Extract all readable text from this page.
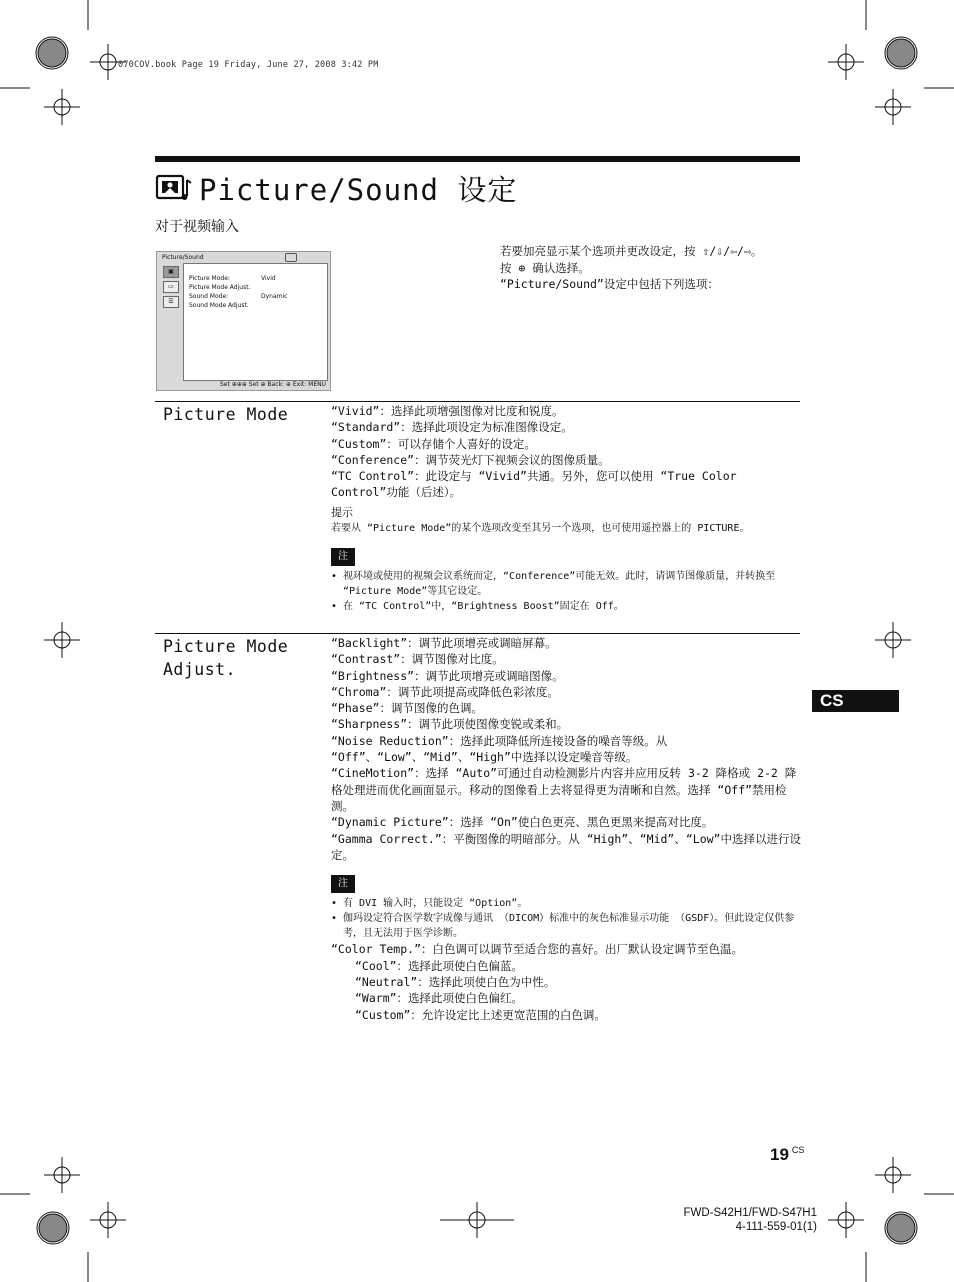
070COV.book Page 19 Friday, June 27, 2008 3:42 PM
Picture/Sound 设定
对于视频输入
Picture/Sound
▣
▭
☰
Picture Mode:	Vivid
Picture Mode Adjust.
Sound Mode:	Dynamic
Sound Mode Adjust.
Set ⊕⊕⊕ Set ⊕ Back: ⊕ Exit: MENU

若要加亮显示某个选项并更改设定，按 ⇧/⇩/⇦/⇨。

按 ⊕ 确认选择。

“Picture/Sound”设定中包括下列选项：

Picture Mode	“Vivid”：选择此项增强图像对比度和锐度。

“Standard”：选择此项设定为标准图像设定。

“Custom”：可以存储个人喜好的设定。

“Conference”：调节荧光灯下视频会议的图像质量。

“TC Control”：此设定与 “Vivid”共通。另外，您可以使用 “True Color Control”功能（后述）。

提示

若要从 “Picture Mode”的某个选项改变至其另一个选项，也可使用遥控器上的 PICTURE。

注

• 视环境或使用的视频会议系统而定，“Conference”可能无效。此时，请调节图像质量，并转换至 “Picture Mode”等其它设定。

• 在 “TC Control”中，“Brightness Boost”固定在 Off。

Picture Mode
Adjust.

“Backlight”：调节此项增亮或调暗屏幕。

“Contrast”：调节图像对比度。

“Brightness”：调节此项增亮或调暗图像。

“Chroma”：调节此项提高或降低色彩浓度。

“Phase”：调节图像的色调。

“Sharpness”：调节此项使图像变锐或柔和。

“Noise Reduction”：选择此项降低所连接设备的噪音等级。从 “Off”、“Low”、“Mid”、“High”中选择以设定噪音等级。

“CineMotion”：选择 “Auto”可通过自动检测影片内容并应用反转 3-2 降格或 2-2 降格处理进而优化画面显示。移动的图像看上去将显得更为清晰和自然。选择 “Off”禁用检测。

“Dynamic Picture”：选择 “On”使白色更亮、黑色更黑来提高对比度。

“Gamma Correct.”：平衡图像的明暗部分。从 “High”、“Mid”、“Low”中选择以进行设定。

注

• 有 DVI 输入时，只能设定 “Option”。

• 伽玛设定符合医学数字成像与通讯 （DICOM）标准中的灰色标准显示功能 （GSDF）。但此设定仅供参考，且无法用于医学诊断。

“Color Temp.”：白色调可以调节至适合您的喜好。出厂默认设定调节至色温。

“Cool”：选择此项使白色偏蓝。

“Neutral”：选择此项使白色为中性。

“Warm”：选择此项使白色偏红。

“Custom”：允许设定比上述更宽范围的白色调。

CS
19 $^{CS}$
FWD-S42H1/FWD-S47H1
4-111-559-01(1)
